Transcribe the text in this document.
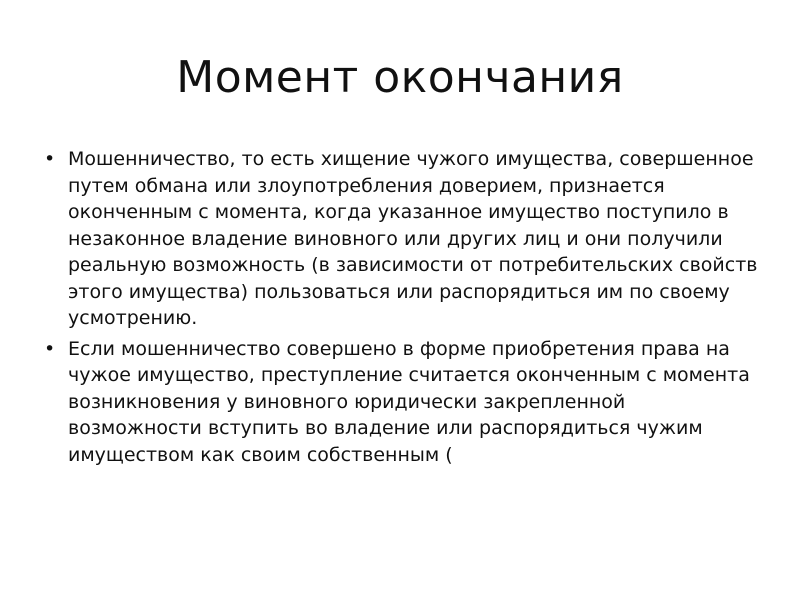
Момент окончания
• Мошенничество, то есть хищение чужого имущества, совершенное путем обмана или злоупотребления доверием, признается оконченным с момента, когда указанное имущество поступило в незаконное владение виновного или других лиц и они получили реальную возможность (в зависимости от потребительских свойств этого имущества) пользоваться или распорядиться им по своему усмотрению.
• Если мошенничество совершено в форме приобретения права на чужое имущество, преступление считается оконченным с момента возникновения у виновного юридически закрепленной возможности вступить во владение или распорядиться чужим имуществом как своим собственным (
